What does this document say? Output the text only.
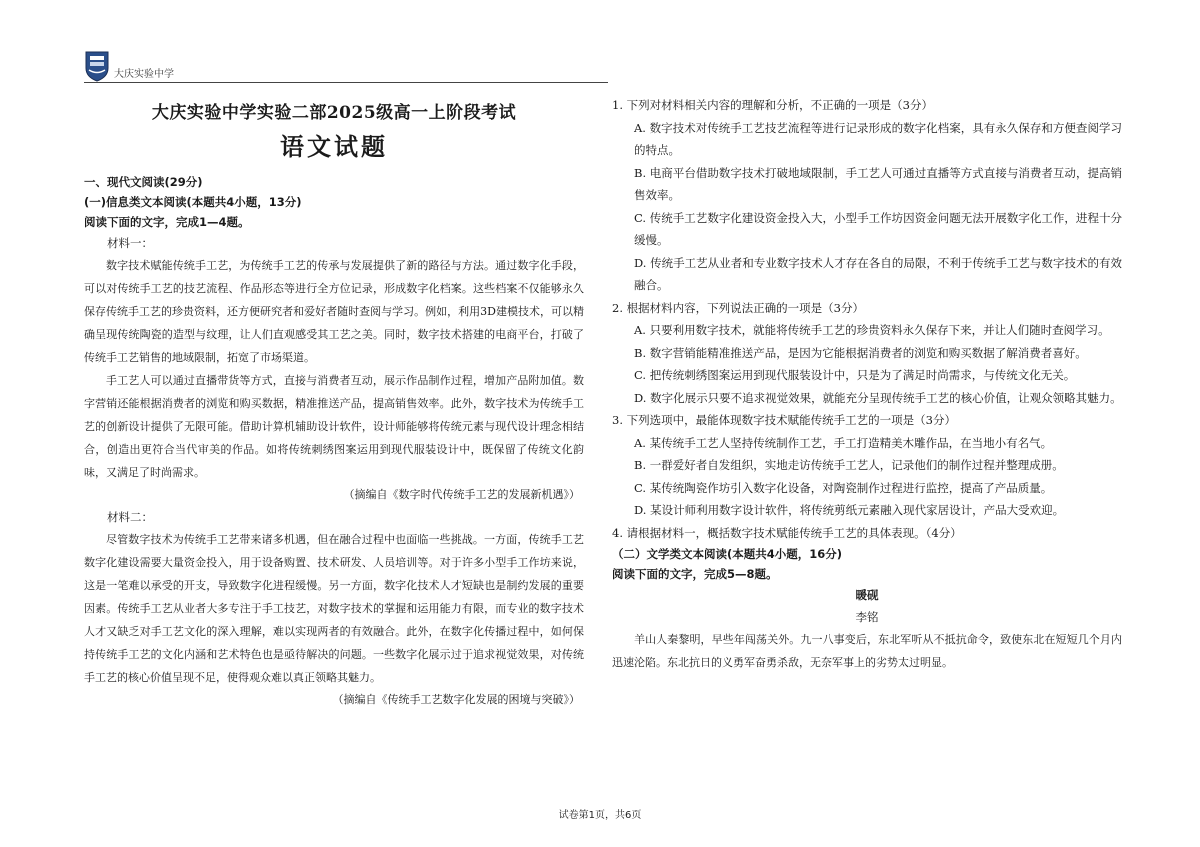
大庆实验中学
大庆实验中学实验二部2025级高一上阶段考试
语文试题

一、现代文阅读(29分)

(一)信息类文本阅读(本题共4小题，13分)

阅读下面的文字，完成1—4题。

材料一：

数字技术赋能传统手工艺，为传统手工艺的传承与发展提供了新的路径与方法。通过数字化手段，可以对传统手工艺的技艺流程、作品形态等进行全方位记录，形成数字化档案。这些档案不仅能够永久保存传统手工艺的珍贵资料，还方便研究者和爱好者随时查阅与学习。例如，利用3D建模技术，可以精确呈现传统陶瓷的造型与纹理，让人们直观感受其工艺之美。同时，数字技术搭建的电商平台，打破了传统手工艺销售的地域限制，拓宽了市场渠道。

手工艺人可以通过直播带货等方式，直接与消费者互动，展示作品制作过程，增加产品附加值。数字营销还能根据消费者的浏览和购买数据，精准推送产品，提高销售效率。此外，数字技术为传统手工艺的创新设计提供了无限可能。借助计算机辅助设计软件，设计师能够将传统元素与现代设计理念相结合，创造出更符合当代审美的作品。如将传统刺绣图案运用到现代服装设计中，既保留了传统文化韵味，又满足了时尚需求。

（摘编自《数字时代传统手工艺的发展新机遇》）

材料二：

尽管数字技术为传统手工艺带来诸多机遇，但在融合过程中也面临一些挑战。一方面，传统手工艺数字化建设需要大量资金投入，用于设备购置、技术研发、人员培训等。对于许多小型手工作坊来说，这是一笔难以承受的开支，导致数字化进程缓慢。另一方面，数字化技术人才短缺也是制约发展的重要因素。传统手工艺从业者大多专注于手工技艺，对数字技术的掌握和运用能力有限，而专业的数字技术人才又缺乏对手工艺文化的深入理解，难以实现两者的有效融合。此外，在数字化传播过程中，如何保持传统手工艺的文化内涵和艺术特色也是亟待解决的问题。一些数字化展示过于追求视觉效果，对传统手工艺的核心价值呈现不足，使得观众难以真正领略其魅力。

（摘编自《传统手工艺数字化发展的困境与突破》）

1. 下列对材料相关内容的理解和分析，不正确的一项是（3分）

A. 数字技术对传统手工艺技艺流程等进行记录形成的数字化档案，具有永久保存和方便查阅学习的特点。

B. 电商平台借助数字技术打破地域限制，手工艺人可通过直播等方式直接与消费者互动，提高销售效率。

C. 传统手工艺数字化建设资金投入大，小型手工作坊因资金问题无法开展数字化工作，进程十分缓慢。

D. 传统手工艺从业者和专业数字技术人才存在各自的局限，不利于传统手工艺与数字技术的有效融合。

2. 根据材料内容，下列说法正确的一项是（3分）

A. 只要利用数字技术，就能将传统手工艺的珍贵资料永久保存下来，并让人们随时查阅学习。

B. 数字营销能精准推送产品，是因为它能根据消费者的浏览和购买数据了解消费者喜好。

C. 把传统刺绣图案运用到现代服装设计中，只是为了满足时尚需求，与传统文化无关。

D. 数字化展示只要不追求视觉效果，就能充分呈现传统手工艺的核心价值，让观众领略其魅力。

3. 下列选项中，最能体现数字技术赋能传统手工艺的一项是（3分）

A. 某传统手工艺人坚持传统制作工艺，手工打造精美木雕作品，在当地小有名气。

B. 一群爱好者自发组织，实地走访传统手工艺人，记录他们的制作过程并整理成册。

C. 某传统陶瓷作坊引入数字化设备，对陶瓷制作过程进行监控，提高了产品质量。

D. 某设计师利用数字设计软件，将传统剪纸元素融入现代家居设计，产品大受欢迎。

4. 请根据材料一，概括数字技术赋能传统手工艺的具体表现。（4分）

（二）文学类文本阅读(本题共4小题，16分)

阅读下面的文字，完成5—8题。

暖砚

李铭

羊山人秦黎明，早些年闯荡关外。九一八事变后，东北军听从不抵抗命令，致使东北在短短几个月内迅速沦陷。东北抗日的义勇军奋勇杀敌，无奈军事上的劣势太过明显。

试卷第1页，共6页
